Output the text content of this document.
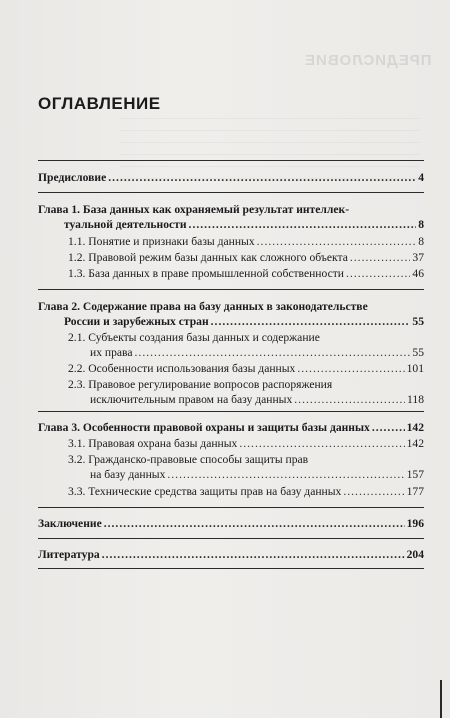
ПРЕДИСЛОВИЕ
ОГЛАВЛЕНИЕ
Предисловие .....	4
Глава 1. База данных как охраняемый результат интеллек-
туальной деятельности .....	8
1.1. Понятие и признаки базы данных .....	8
1.2. Правовой режим базы данных как сложного объекта .....	37
1.3. База данных в праве промышленной собственности .....	46
Глава 2. Содержание права на базу данных в законодательстве
России и зарубежных стран .....	55
2.1. Субъекты создания базы данных и содержание
их права .....	55
2.2. Особенности использования базы данных .....	101
2.3. Правовое регулирование вопросов распоряжения
исключительным правом на базу данных .....	118
Глава 3. Особенности правовой охраны и защиты базы данных .....	142
3.1. Правовая охрана базы данных .....	142
3.2. Гражданско-правовые способы защиты прав
на базу данных .....	157
3.3. Технические средства защиты прав на базу данных .....	177
Заключение .....	196
Литература .....	204
